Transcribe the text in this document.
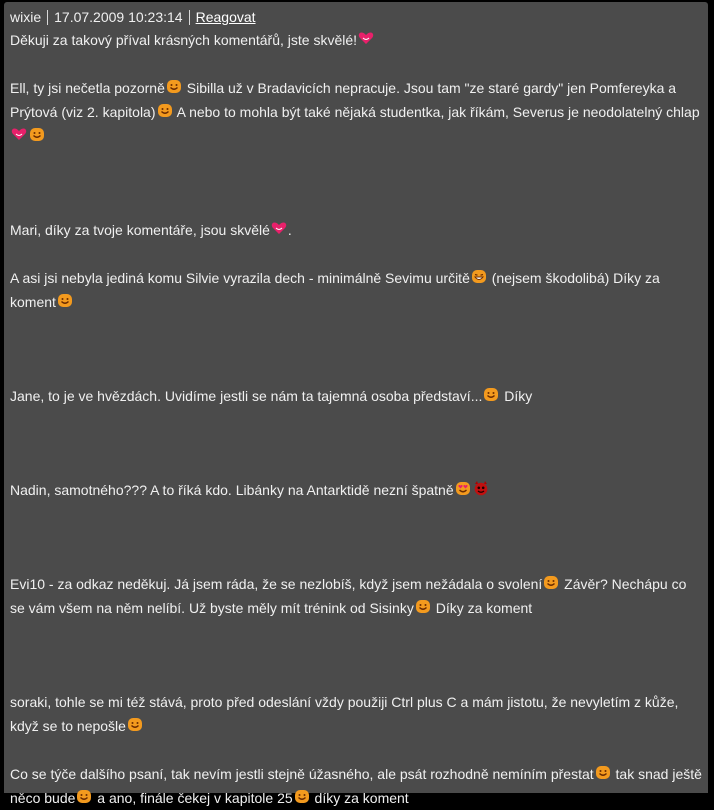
wixie 17.07.2009 10:23:14 Reagovat

Děkuji za takový příval krásných komentářů, jste skvělé!

Ell, ty jsi nečetla pozorně
Sibilla už v Bradavicích nepracuje. Jsou tam "ze staré gardy" jen Pomfereyka a Prýtová (viz 2. kapitola)
A nebo to mohla být také nějaká studentka, jak říkám, Severus je neodolatelný chlap

Mari, díky za tvoje komentáře, jsou skvělé .

A asi jsi nebyla jediná komu Silvie vyrazila dech - minimálně Sevimu určitě
(nejsem škodolibá) Díky za koment

Jane, to je ve hvězdách. Uvidíme jestli se nám ta tajemná osoba představí...
Díky

Nadin, samotného??? A to říká kdo. Libánky na Antarktidě nezní špatně

Evi10 - za odkaz neděkuj. Já jsem ráda, že se nezlobíš, když jsem nežádala o svolení
Závěr? Nechápu co se vám všem na něm nelíbí. Už byste měly mít trénink od Sisinky
Díky za koment

soraki, tohle se mi též stává, proto před odeslání vždy použiji Ctrl plus C a mám jistotu, že nevyletím z kůže, když se to nepošle

Co se týče dalšího psaní, tak nevím jestli stejně úžasného, ale psát rozhodně nemíním přestat
tak snad ještě něco bude
a ano, finále čekej v kapitole 25
díky za koment
